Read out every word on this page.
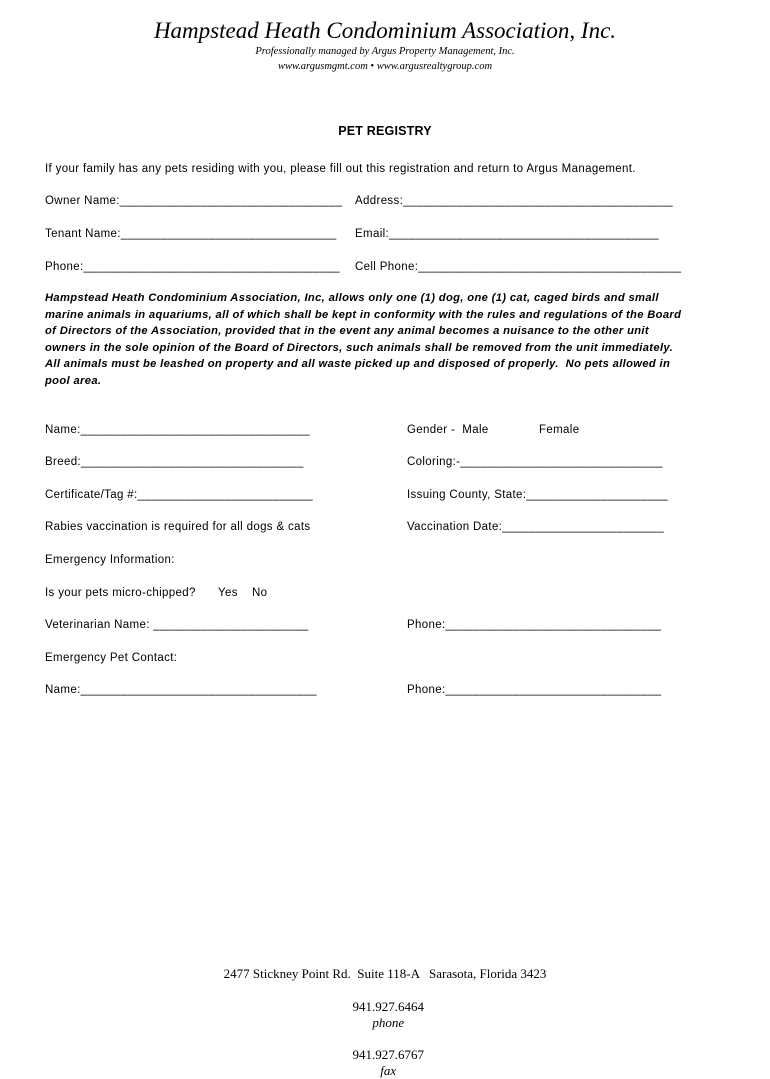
Hampstead Heath Condominium Association, Inc.
Professionally managed by Argus Property Management, Inc.
www.argusmgmt.com • www.argusrealtygroup.com
PET REGISTRY
If your family has any pets residing with you, please fill out this registration and return to Argus Management.
Owner Name:_________________________________ Address:________________________________________
Tenant Name:________________________________ Email:________________________________________
Phone:______________________________________ Cell Phone:_______________________________________
Hampstead Heath Condominium Association, Inc, allows only one (1) dog, one (1) cat, caged birds and small
marine animals in aquariums, all of which shall be kept in conformity with the rules and regulations of the Board
of Directors of the Association, provided that in the event any animal becomes a nuisance to the other unit
owners in the sole opinion of the Board of Directors, such animals shall be removed from the unit immediately.
All animals must be leashed on property and all waste picked up and disposed of properly.  No pets allowed in
pool area.
Name:__________________________________	Gender -  Male	Female
Breed:_________________________________	Coloring:-______________________________
Certificate/Tag #:__________________________	Issuing County, State:_____________________
Rabies vaccination is required for all dogs & cats	Vaccination Date:________________________
Emergency Information:
Is your pets micro-chipped? Yes No
Veterinarian Name: _______________________	Phone:________________________________
Emergency Pet Contact:
Name:___________________________________	Phone:________________________________
2477 Stickney Point Rd.  Suite 118-A   Sarasota, Florida 3423

941.927.6464
phone

941.927.6767
fax
